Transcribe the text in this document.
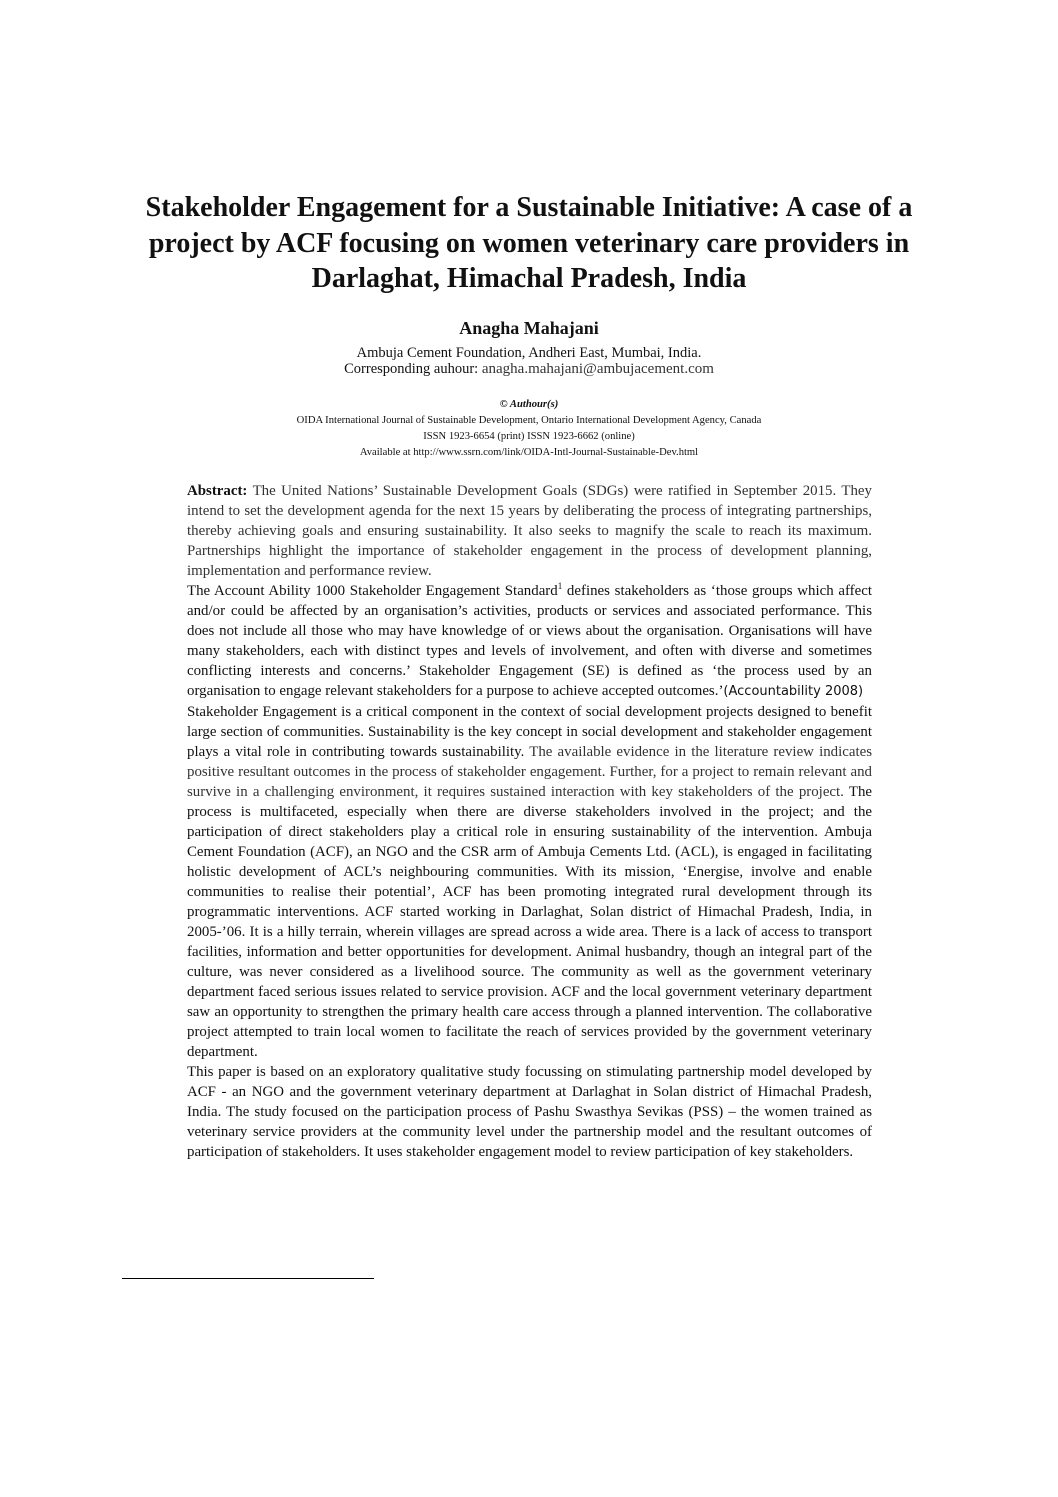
Stakeholder Engagement for a Sustainable Initiative: A case of a project by ACF focusing on women veterinary care providers in Darlaghat, Himachal Pradesh, India
Anagha Mahajani
Ambuja Cement Foundation, Andheri East, Mumbai, India.
Corresponding auhour: anagha.mahajani@ambujacement.com
© Authour(s)
OIDA International Journal of Sustainable Development, Ontario International Development Agency, Canada
ISSN 1923-6654 (print) ISSN 1923-6662 (online)
Available at http://www.ssrn.com/link/OIDA-Intl-Journal-Sustainable-Dev.html

Abstract: The United Nations’ Sustainable Development Goals (SDGs) were ratified in September 2015. They intend to set the development agenda for the next 15 years by deliberating the process of integrating partnerships, thereby achieving goals and ensuring sustainability. It also seeks to magnify the scale to reach its maximum. Partnerships highlight the importance of stakeholder engagement in the process of development planning, implementation and performance review.

The Account Ability 1000 Stakeholder Engagement Standard$^1$ defines stakeholders as ‘those groups which affect and/or could be affected by an organisation’s activities, products or services and associated performance. This does not include all those who may have knowledge of or views about the organisation. Organisations will have many stakeholders, each with distinct types and levels of involvement, and often with diverse and sometimes conflicting interests and concerns.’ Stakeholder Engagement (SE) is defined as ‘the process used by an organisation to engage relevant stakeholders for a purpose to achieve accepted outcomes.’(Accountability 2008)

Stakeholder Engagement is a critical component in the context of social development projects designed to benefit large section of communities. Sustainability is the key concept in social development and stakeholder engagement plays a vital role in contributing towards sustainability. The available evidence in the literature review indicates positive resultant outcomes in the process of stakeholder engagement. Further, for a project to remain relevant and survive in a challenging environment, it requires sustained interaction with key stakeholders of the project. The process is multifaceted, especially when there are diverse stakeholders involved in the project; and the participation of direct stakeholders play a critical role in ensuring sustainability of the intervention. Ambuja Cement Foundation (ACF), an NGO and the CSR arm of Ambuja Cements Ltd. (ACL), is engaged in facilitating holistic development of ACL’s neighbouring communities. With its mission, ‘Energise, involve and enable communities to realise their potential’, ACF has been promoting integrated rural development through its programmatic interventions. ACF started working in Darlaghat, Solan district of Himachal Pradesh, India, in 2005-’06. It is a hilly terrain, wherein villages are spread across a wide area. There is a lack of access to transport facilities, information and better opportunities for development. Animal husbandry, though an integral part of the culture, was never considered as a livelihood source. The community as well as the government veterinary department faced serious issues related to service provision. ACF and the local government veterinary department saw an opportunity to strengthen the primary health care access through a planned intervention. The collaborative project attempted to train local women to facilitate the reach of services provided by the government veterinary department.

This paper is based on an exploratory qualitative study focussing on stimulating partnership model developed by ACF - an NGO and the government veterinary department at Darlaghat in Solan district of Himachal Pradesh, India. The study focused on the participation process of Pashu Swasthya Sevikas (PSS) – the women trained as veterinary service providers at the community level under the partnership model and the resultant outcomes of participation of stakeholders. It uses stakeholder engagement model to review participation of key stakeholders.
